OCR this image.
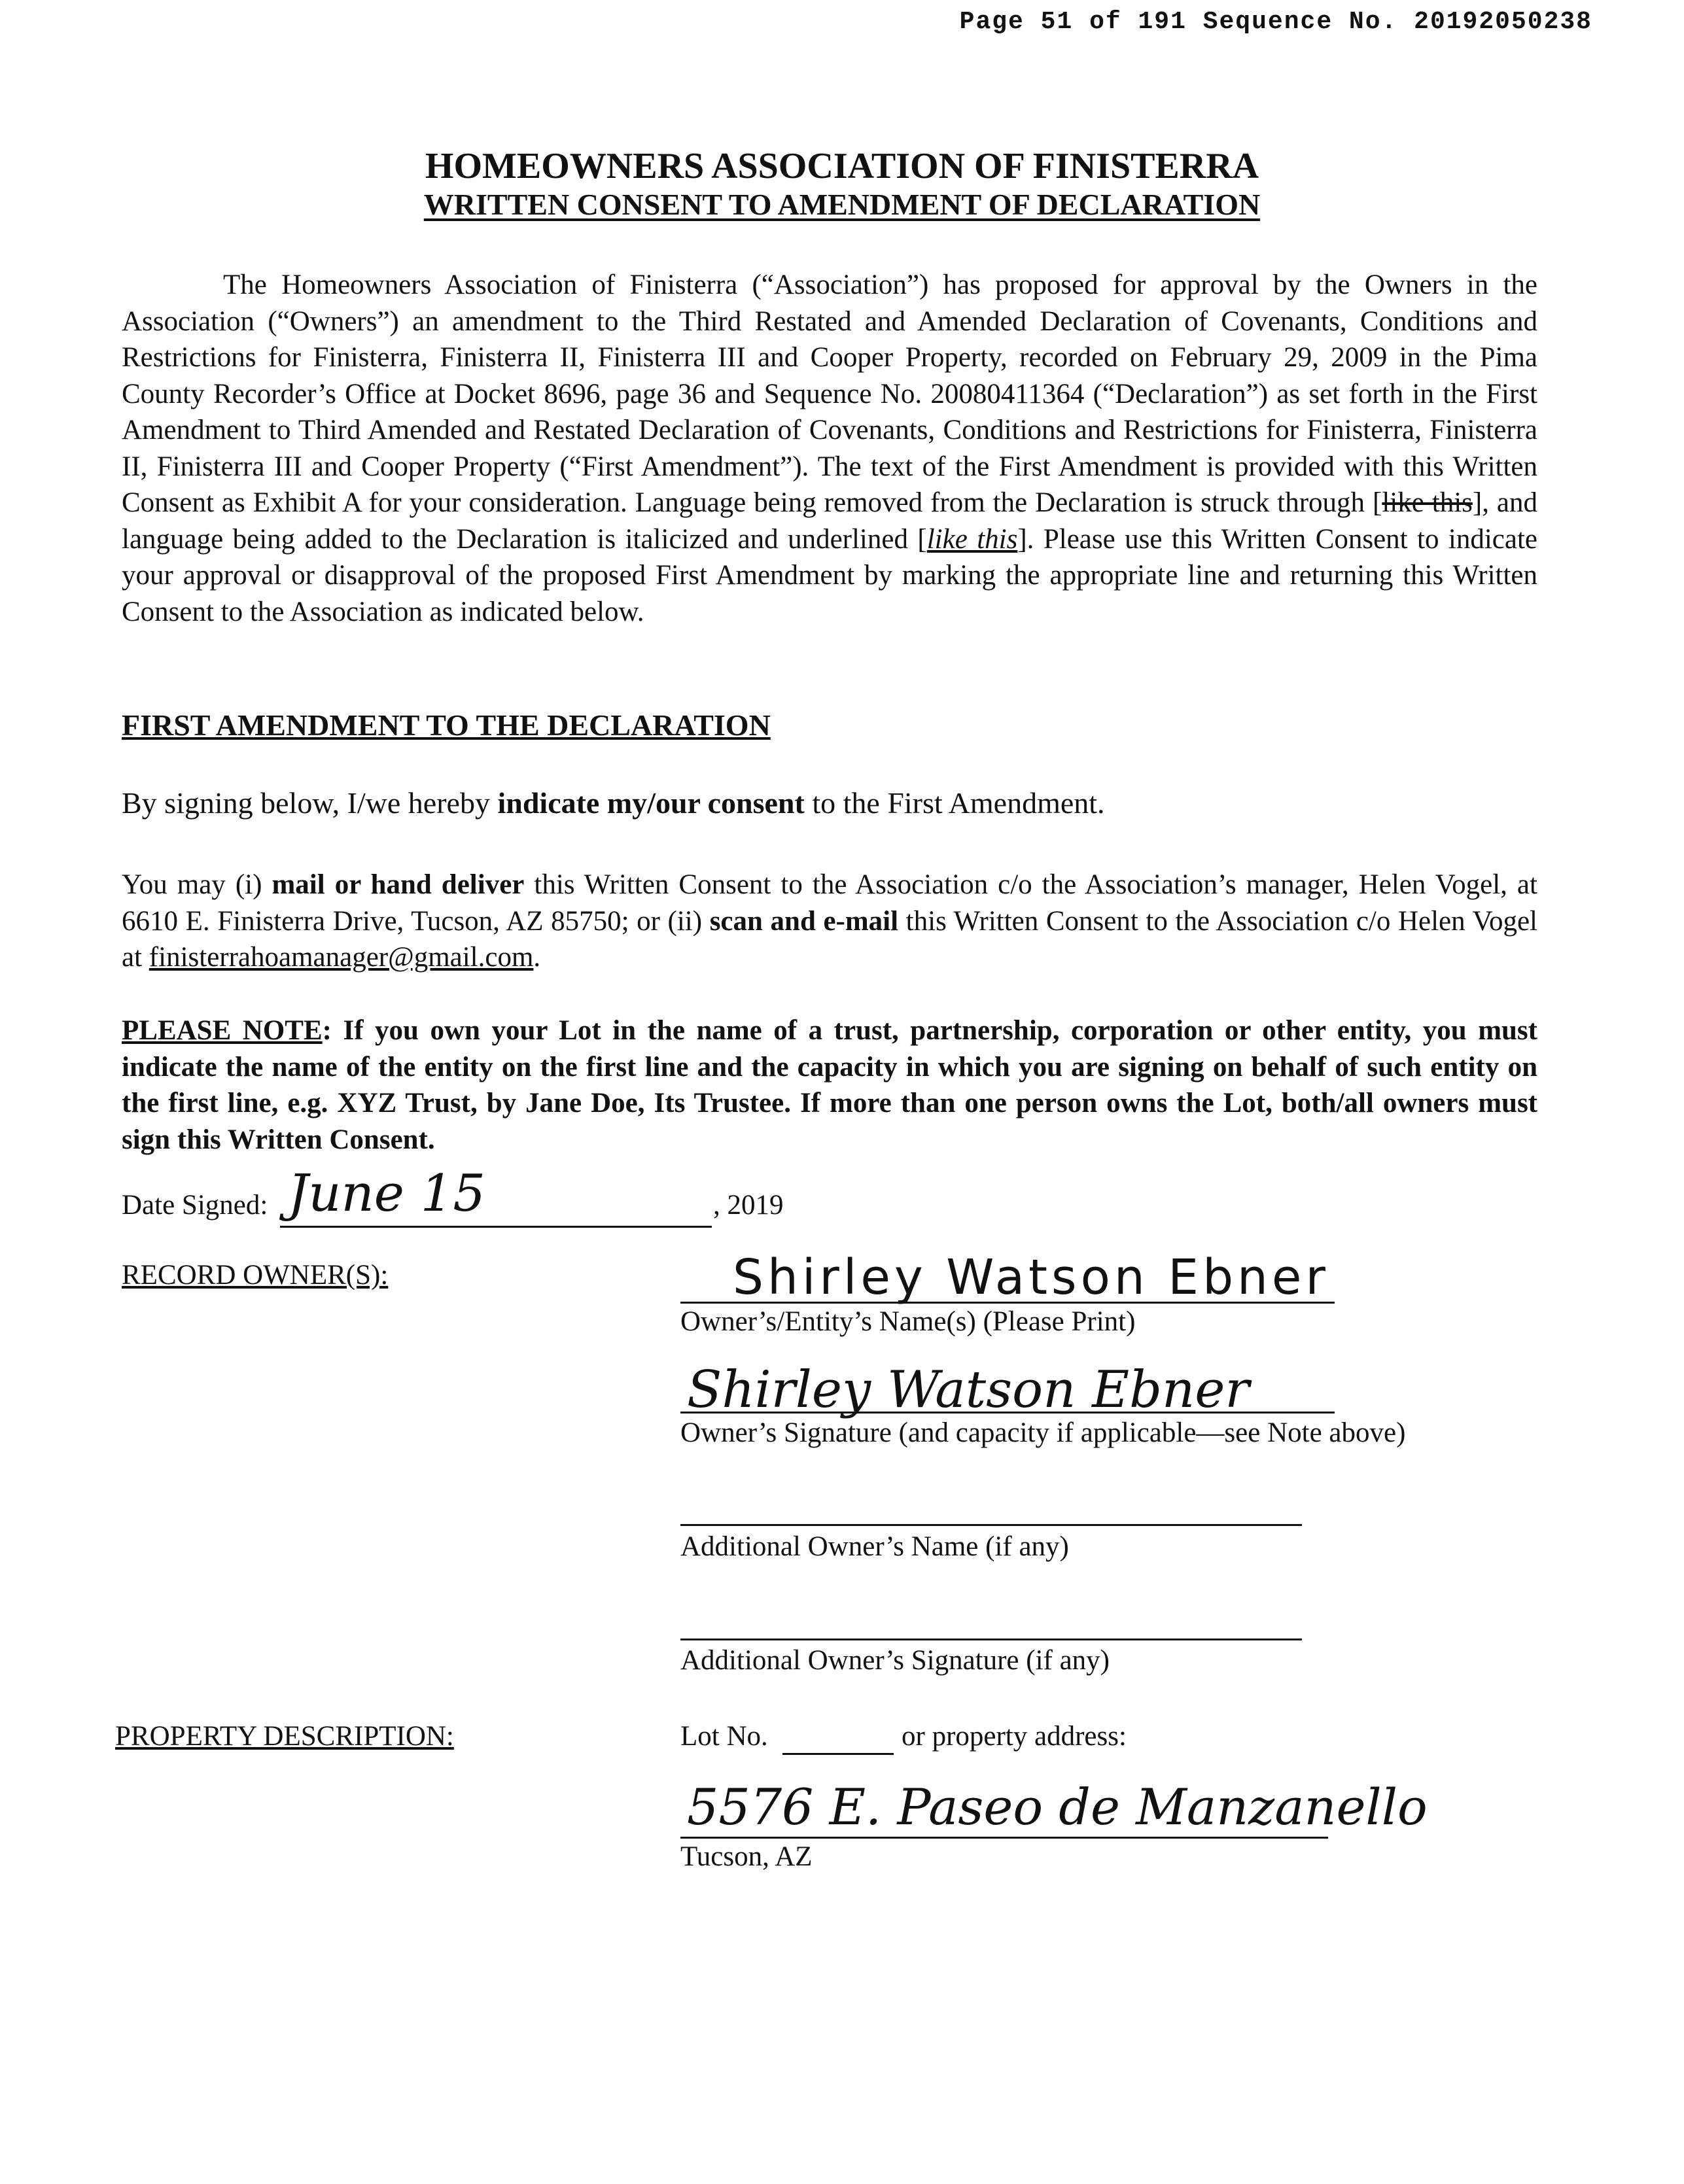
Page 51 of 191 Sequence No. 20192050238
HOMEOWNERS ASSOCIATION OF FINISTERRA
WRITTEN CONSENT TO AMENDMENT OF DECLARATION
The Homeowners Association of Finisterra (“Association”) has proposed for approval by the Owners in the Association (“Owners”) an amendment to the Third Restated and Amended Declaration of Covenants, Conditions and Restrictions for Finisterra, Finisterra II, Finisterra III and Cooper Property, recorded on February 29, 2009 in the Pima County Recorder’s Office at Docket 8696, page 36 and Sequence No. 20080411364 (“Declaration”) as set forth in the First Amendment to Third Amended and Restated Declaration of Covenants, Conditions and Restrictions for Finisterra, Finisterra II, Finisterra III and Cooper Property (“First Amendment”). The text of the First Amendment is provided with this Written Consent as Exhibit A for your consideration. Language being removed from the Declaration is struck through [like this], and language being added to the Declaration is italicized and underlined [like this]. Please use this Written Consent to indicate your approval or disapproval of the proposed First Amendment by marking the appropriate line and returning this Written Consent to the Association as indicated below.
FIRST AMENDMENT TO THE DECLARATION
By signing below, I/we hereby indicate my/our consent to the First Amendment.
You may (i) mail or hand deliver this Written Consent to the Association c/o the Association’s manager, Helen Vogel, at 6610 E. Finisterra Drive, Tucson, AZ 85750; or (ii) scan and e-mail this Written Consent to the Association c/o Helen Vogel at finisterrahoamanager@gmail.com.
PLEASE NOTE: If you own your Lot in the name of a trust, partnership, corporation or other entity, you must indicate the name of the entity on the first line and the capacity in which you are signing on behalf of such entity on the first line, e.g. XYZ Trust, by Jane Doe, Its Trustee. If more than one person owns the Lot, both/all owners must sign this Written Consent.
Date Signed: June 15	, 2019
RECORD OWNER(S):	Shirley Watson Ebner
Owner’s/Entity’s Name(s) (Please Print)
Shirley Watson Ebner
Owner’s Signature (and capacity if applicable—see Note above)
Additional Owner’s Name (if any)
Additional Owner’s Signature (if any)
PROPERTY DESCRIPTION:	Lot No.	or property address:
5576 E. Paseo de Manzanello
Tucson, AZ
